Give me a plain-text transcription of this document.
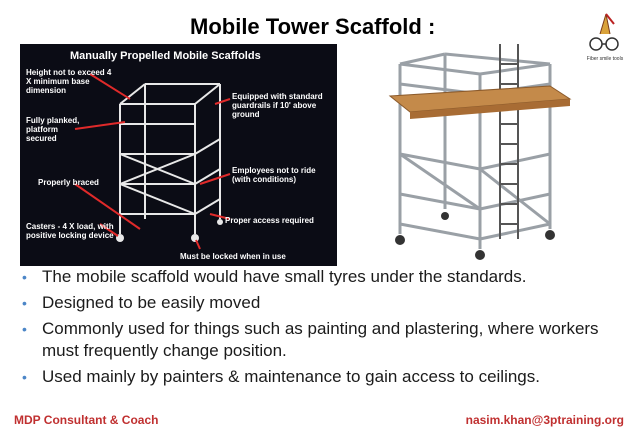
Mobile Tower Scaffold :
Fiber smile tools
Manually Propelled Mobile Scaffolds
Height not to exceed 4 X minimum base dimension
Equipped with standard guardrails if 10' above ground
Fully planked, platform secured
Employees not to ride (with conditions)
Properly braced
Proper access required
Casters - 4 X load, with positive locking device
Must be locked when in use
• The mobile scaffold would have small tyres under the standards.
• Designed to be easily moved
• Commonly used for things such as painting and plastering, where workers must frequently change position.
• Used mainly by painters & maintenance to gain access to ceilings.
MDP Consultant & Coach	nasim.khan@3ptraining.org
